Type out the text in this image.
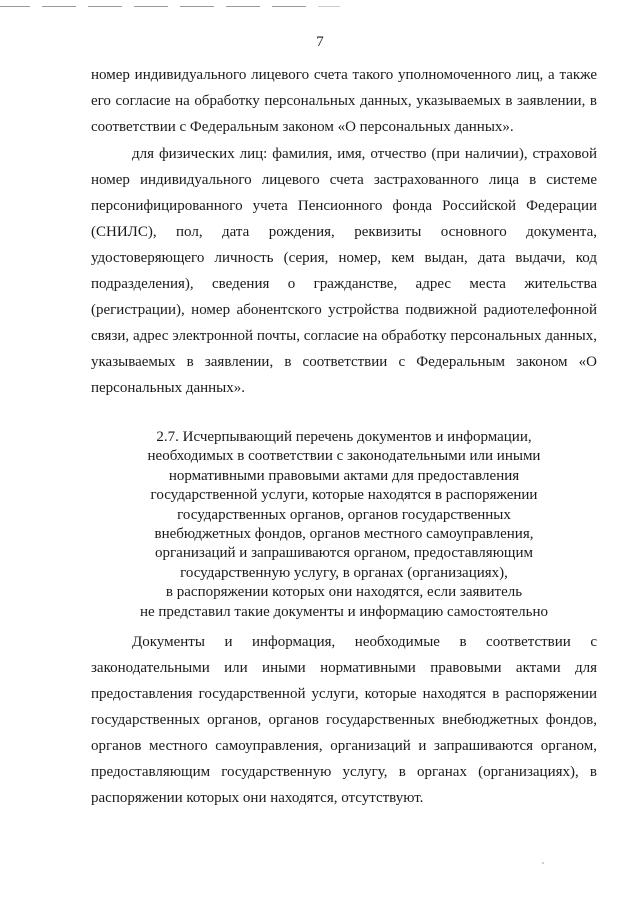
7

номер индивидуального лицевого счета такого уполномоченного лиц, а также его согласие на обработку персональных данных, указываемых в заявлении, в соответствии с Федеральным законом «О персональных данных».

для физических лиц: фамилия, имя, отчество (при наличии), страховой номер индивидуального лицевого счета застрахованного лица в системе персонифицированного учета Пенсионного фонда Российской Федерации (СНИЛС), пол, дата рождения, реквизиты основного документа, удостоверяющего личность (серия, номер, кем выдан, дата выдачи, код подразделения), сведения о гражданстве, адрес места жительства (регистрации), номер абонентского устройства подвижной радиотелефонной связи, адрес электронной почты, согласие на обработку персональных данных, указываемых в заявлении, в соответствии с Федеральным законом «О персональных данных».

2.7. Исчерпывающий перечень документов и информации,
необходимых в соответствии с законодательными или иными
нормативными правовыми актами для предоставления
государственной услуги, которые находятся в распоряжении
государственных органов, органов государственных
внебюджетных фондов, органов местного самоуправления,
организаций и запрашиваются органом, предоставляющим
государственную услугу, в органах (организациях),
в распоряжении которых они находятся, если заявитель
не представил такие документы и информацию самостоятельно

Документы и информация, необходимые в соответствии с законодательными или иными нормативными правовыми актами для предоставления государственной услуги, которые находятся в распоряжении государственных органов, органов государственных внебюджетных фондов, органов местного самоуправления, организаций и запрашиваются органом, предоставляющим государственную услугу, в органах (организациях), в распоряжении которых они находятся, отсутствуют.
